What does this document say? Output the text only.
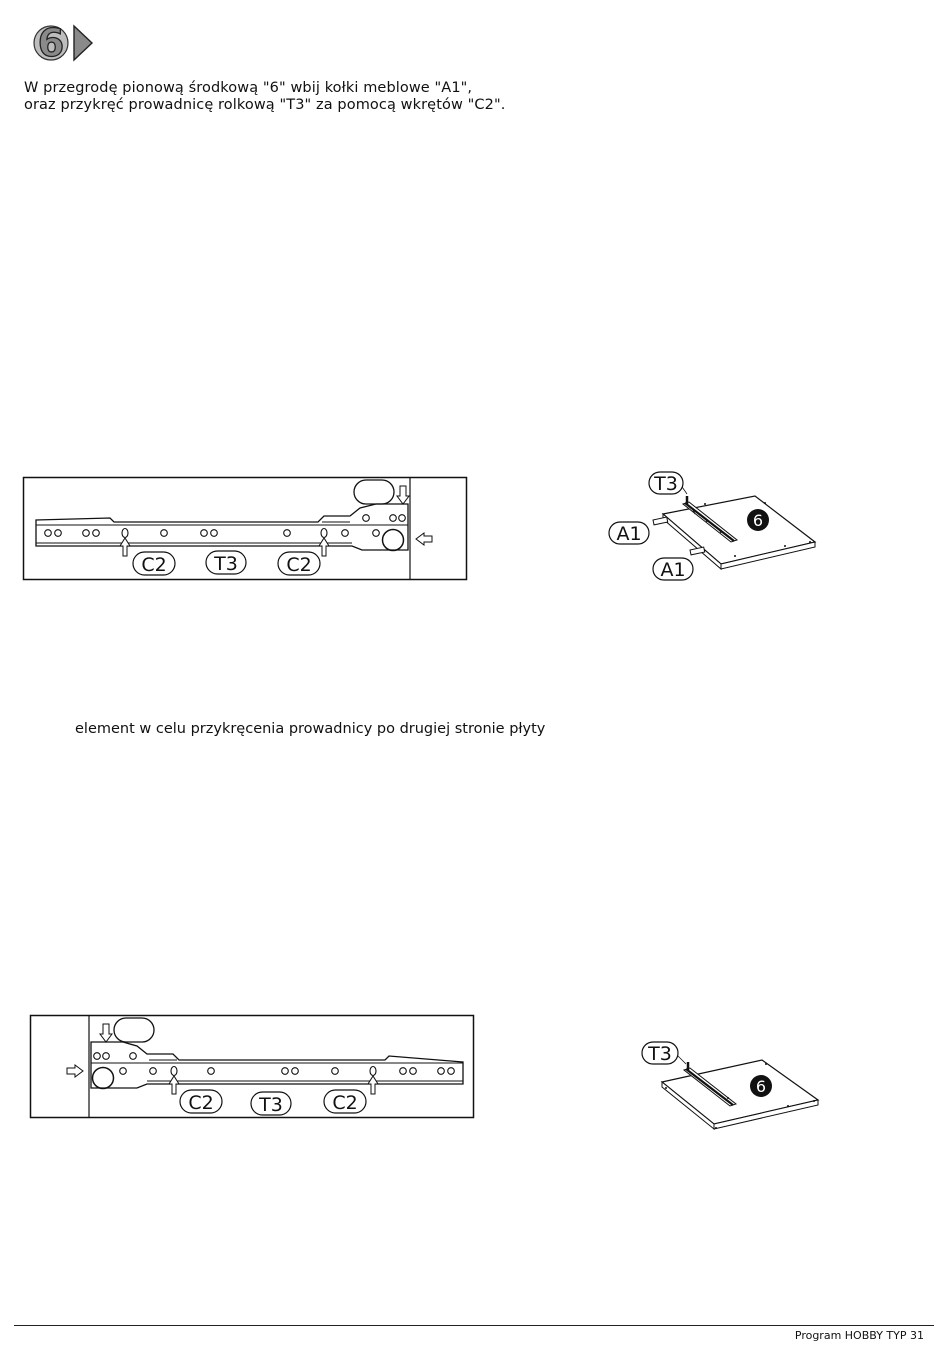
6
W przegrodę pionową środkową "6" wbij kołki meblowe "A1",
oraz przykręć prowadnicę rolkową "T3" za pomocą wkrętów "C2".
C2 T3	C2
6
T3
A1
A1
element w celu przykręcenia prowadnicy po drugiej stronie płyty
C2 T3	C2
6
T3
Program HOBBY TYP 31
